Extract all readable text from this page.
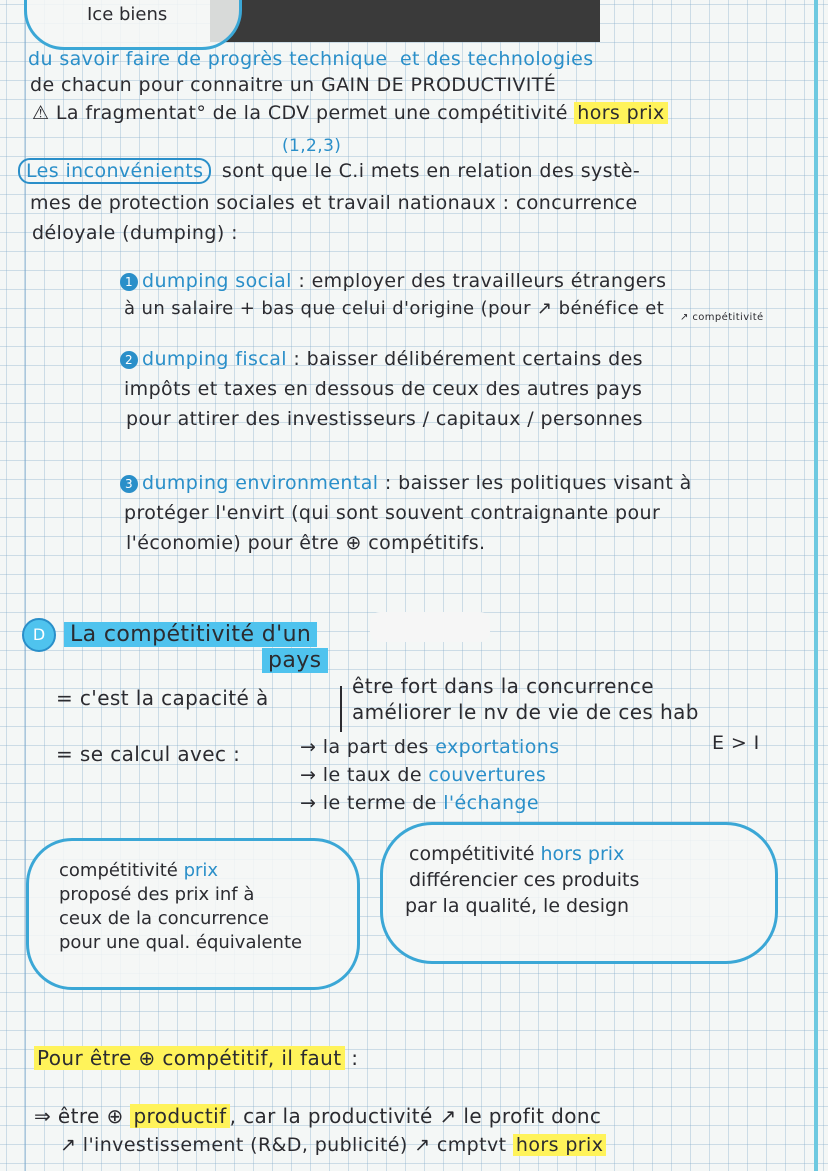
Ice biens
du savoir faire de progrès technique et des technologies
de chacun pour connaitre un GAIN DE PRODUCTIVITÉ
⚠ La fragmentat° de la CDV permet une compétitivité hors prix
(1,2,3)
Les inconvénients sont que le C.i mets en relation des systè-
mes de protection sociales et travail nationaux : concurrence
déloyale (dumping) :
1 dumping social : employer des travailleurs étrangers
à un salaire + bas que celui d'origine (pour ↗ bénéfice et ↗ compétitivité
2 dumping fiscal : baisser délibérement certains des
impôts et taxes en dessous de ceux des autres pays
pour attirer des investisseurs / capitaux / personnes
3 dumping environmental : baisser les politiques visant à
protéger l'envirt (qui sont souvent contraignante pour
l'économie) pour être ⊕ compétitifs.
D	La compétitivité d'un
pays
= c'est la capacité à	être fort dans la concurrence
améliorer le nv de vie de ces hab
= se calcul avec :	→ la part des exportations
→ le taux de couvertures
→ le terme de l'échange
E > I
compétitivité prix
proposé des prix inf à
ceux de la concurrence
pour une qual. équivalente
compétitivité hors prix
différencier ces produits
par la qualité, le design
Pour être ⊕ compétitif, il faut :
⇒ être ⊕ productif , car la productivité ↗ le profit donc
↗ l'investissement (R&D, publicité) ↗ cmptvt hors prix
